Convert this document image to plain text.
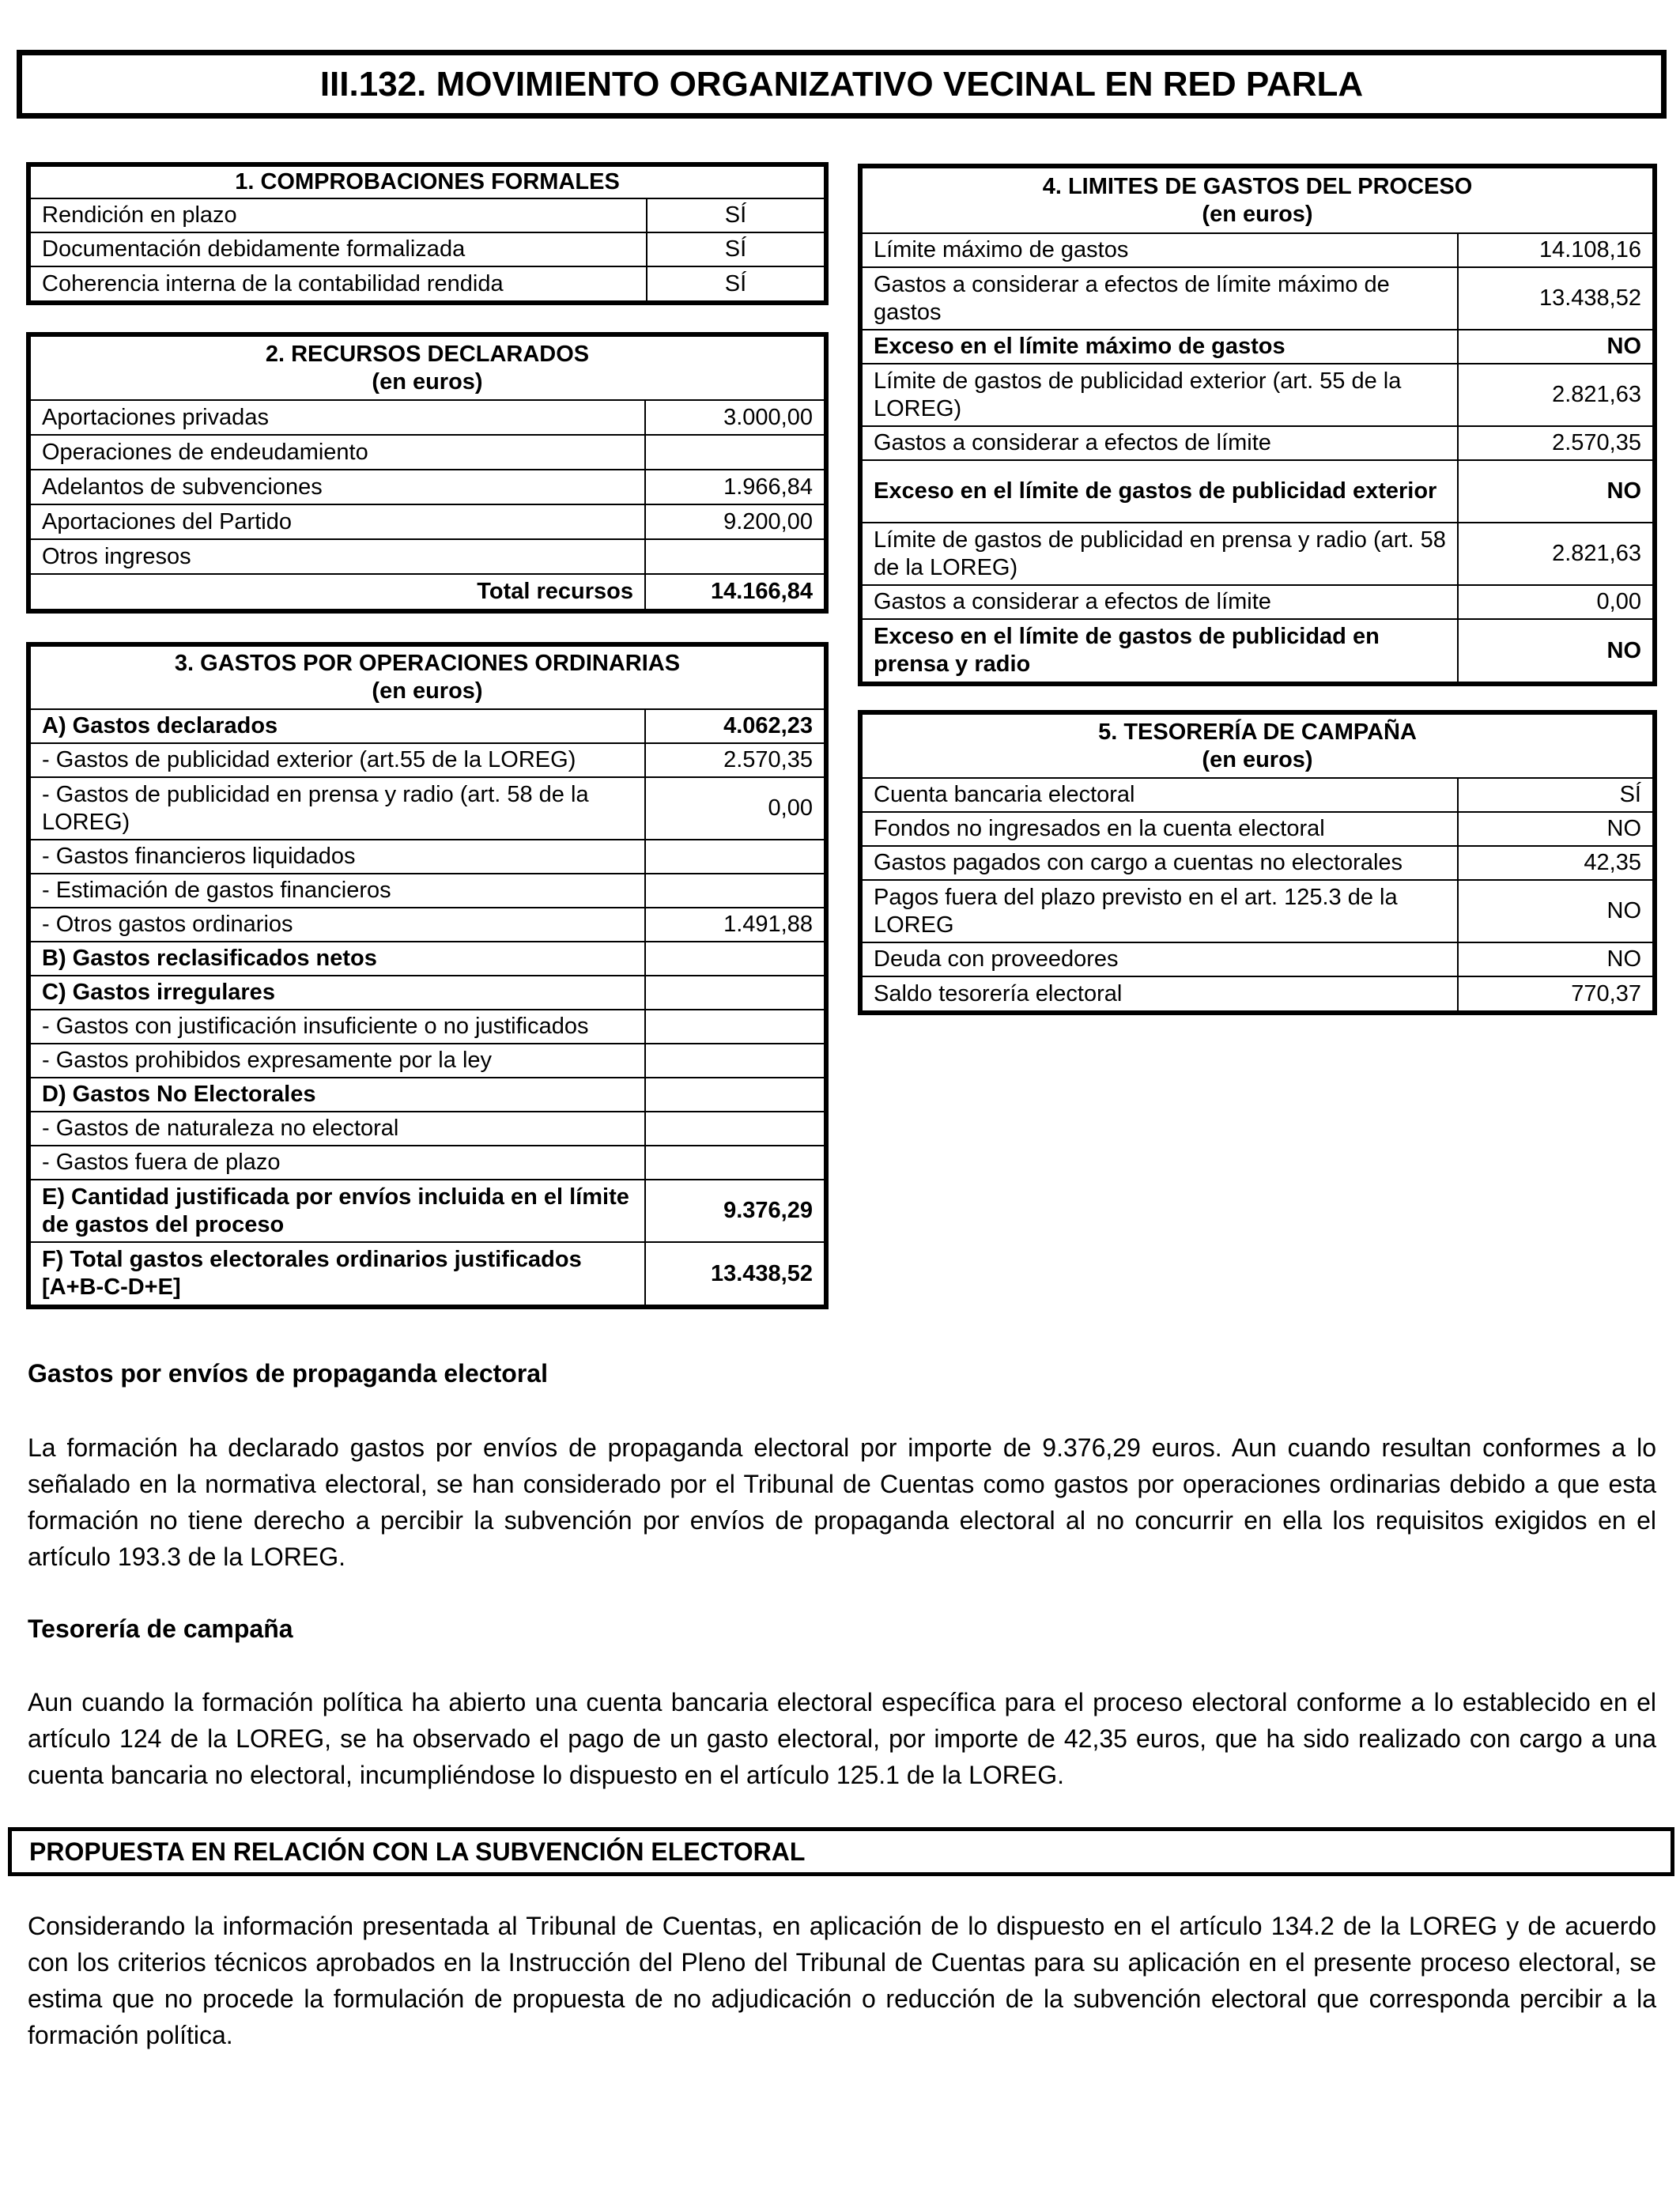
III.132. MOVIMIENTO ORGANIZATIVO VECINAL EN RED PARLA
1. COMPROBACIONES FORMALES	
Rendición en plazo	SÍ
Documentación debidamente formalizada	SÍ
Coherencia interna de la contabilidad rendida	SÍ
2. RECURSOS DECLARADOS
(en euros)	

Aportaciones privadas	3.000,00
Operaciones de endeudamiento	
Adelantos de subvenciones	1.966,84
Aportaciones del Partido	9.200,00
Otros ingresos	
Total recursos	14.166,84
3. GASTOS POR OPERACIONES ORDINARIAS
(en euros)	

A) Gastos declarados	4.062,23
- Gastos de publicidad exterior (art.55 de la LOREG)	2.570,35
- Gastos de publicidad en prensa y radio (art. 58 de la LOREG)	0,00
- Gastos financieros liquidados	
- Estimación de gastos financieros	
- Otros gastos ordinarios	1.491,88
B) Gastos reclasificados netos	
C) Gastos irregulares	
- Gastos con justificación insuficiente o no justificados	
- Gastos prohibidos expresamente por la ley	
D) Gastos No Electorales	
- Gastos de naturaleza no electoral	
- Gastos fuera de plazo	
E) Cantidad justificada por envíos incluida en el límite de gastos del proceso	9.376,29
F) Total gastos electorales ordinarios justificados [A+B-C-D+E]	13.438,52
4. LIMITES DE GASTOS DEL PROCESO
(en euros)	

Límite máximo de gastos	14.108,16
Gastos a considerar a efectos de límite máximo de gastos	13.438,52
Exceso en el límite máximo de gastos	NO
Límite de gastos de publicidad exterior (art. 55 de la LOREG)	2.821,63
Gastos a considerar a efectos de límite	2.570,35
Exceso en el límite de gastos de publicidad exterior	NO
Límite de gastos de publicidad en prensa y radio (art. 58 de la LOREG)	2.821,63
Gastos a considerar a efectos de límite	0,00
Exceso en el límite de gastos de publicidad en prensa y radio	NO
5. TESORERÍA DE CAMPAÑA
(en euros)	

Cuenta bancaria electoral	SÍ
Fondos no ingresados en la cuenta electoral	NO
Gastos pagados con cargo a cuentas no electorales	42,35
Pagos fuera del plazo previsto en el art. 125.3 de la LOREG	NO
Deuda con proveedores	NO
Saldo tesorería electoral	770,37
Gastos por envíos de propaganda electoral
La formación ha declarado gastos por envíos de propaganda electoral por importe de 9.376,29 euros. Aun cuando resultan conformes a lo señalado en la normativa electoral, se han considerado por el Tribunal de Cuentas como gastos por operaciones ordinarias debido a que esta formación no tiene derecho a percibir la subvención por envíos de propaganda electoral al no concurrir en ella los requisitos exigidos en el artículo 193.3 de la LOREG.
Tesorería de campaña
Aun cuando la formación política ha abierto una cuenta bancaria electoral específica para el proceso electoral conforme a lo establecido en el artículo 124 de la LOREG, se ha observado el pago de un gasto electoral, por importe de 42,35 euros, que ha sido realizado con cargo a una cuenta bancaria no electoral, incumpliéndose lo dispuesto en el artículo 125.1 de la LOREG.
PROPUESTA EN RELACIÓN CON LA SUBVENCIÓN ELECTORAL
Considerando la información presentada al Tribunal de Cuentas, en aplicación de lo dispuesto en el artículo 134.2 de la LOREG y de acuerdo con los criterios técnicos aprobados en la Instrucción del Pleno del Tribunal de Cuentas para su aplicación en el presente proceso electoral, se estima que no procede la formulación de propuesta de no adjudicación o reducción de la subvención electoral que corresponda percibir a la formación política.
